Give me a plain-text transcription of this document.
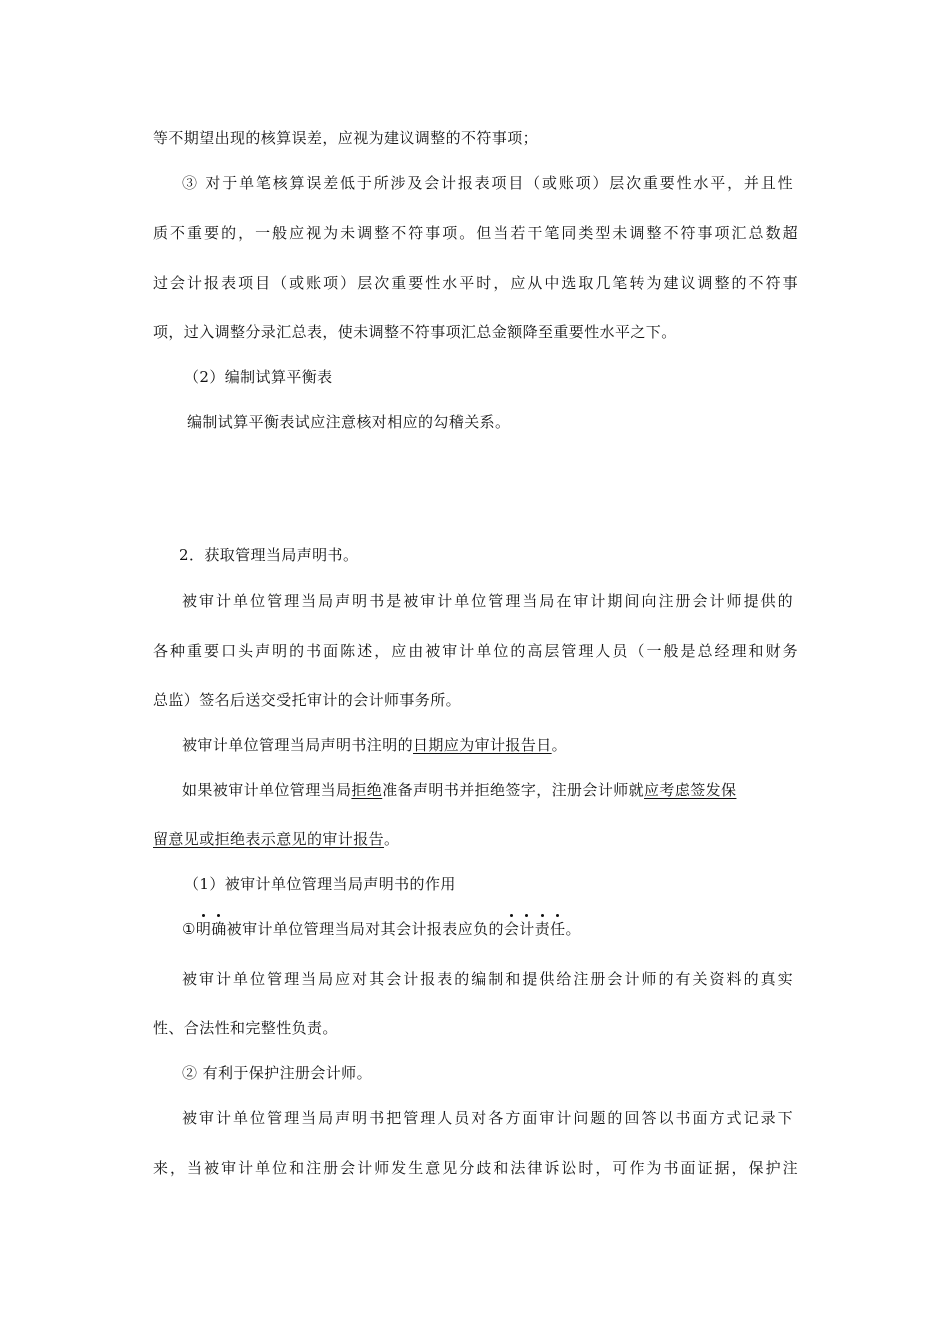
等不期望出现的核算误差，应视为建议调整的不符事项；
③ 对于单笔核算误差低于所涉及会计报表项目（或账项）层次重要性水平，并且性
质不重要的，一般应视为未调整不符事项。但当若干笔同类型未调整不符事项汇总数超
过会计报表项目（或账项）层次重要性水平时，应从中选取几笔转为建议调整的不符事
项，过入调整分录汇总表，使未调整不符事项汇总金额降至重要性水平之下。
（2）编制试算平衡表
编制试算平衡表试应注意核对相应的勾稽关系。
2．获取管理当局声明书。
被审计单位管理当局声明书是被审计单位管理当局在审计期间向注册会计师提供的
各种重要口头声明的书面陈述，应由被审计单位的高层管理人员（一般是总经理和财务
总监）签名后送交受托审计的会计师事务所。
被审计单位管理当局声明书注明的日期应为审计报告日。
如果被审计单位管理当局拒绝准备声明书并拒绝签字，注册会计师就应考虑签发保
留意见或拒绝表示意见的审计报告。
（1）被审计单位管理当局声明书的作用
①明确被审计单位管理当局对其会计报表应负的会计责任。
被审计单位管理当局应对其会计报表的编制和提供给注册会计师的有关资料的真实
性、合法性和完整性负责。
② 有利于保护注册会计师。
被审计单位管理当局声明书把管理人员对各方面审计问题的回答以书面方式记录下
来，当被审计单位和注册会计师发生意见分歧和法律诉讼时，可作为书面证据，保护注
